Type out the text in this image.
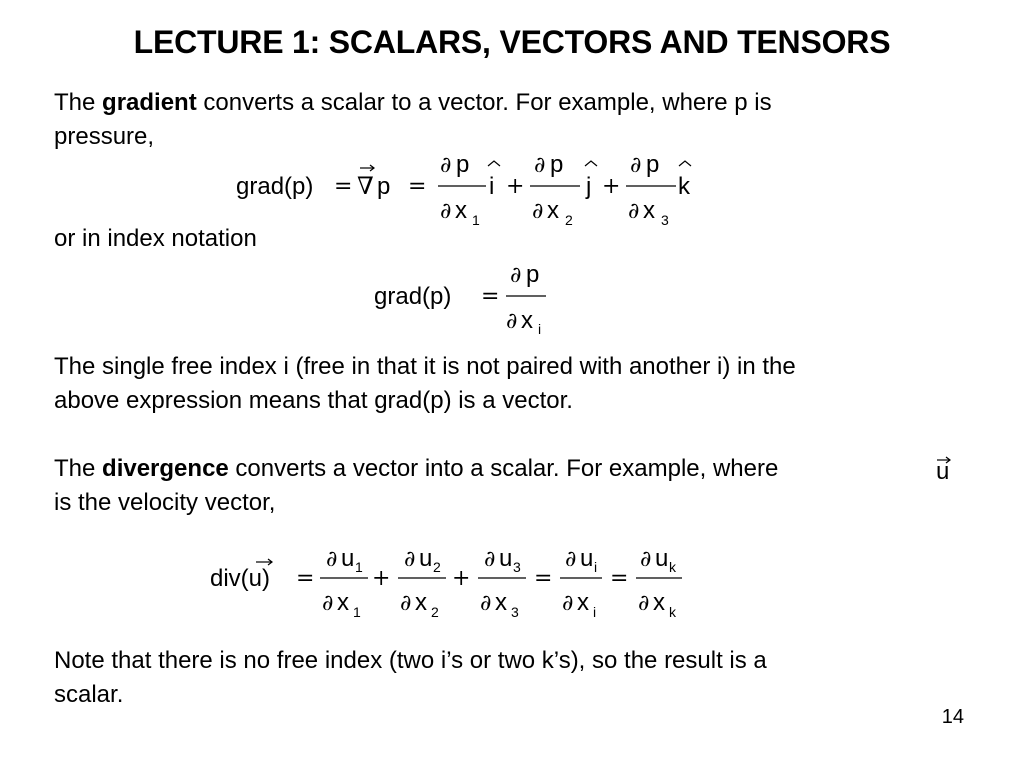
LECTURE 1: SCALARS, VECTORS AND TENSORS
The gradient converts a scalar to a vector. For example, where p is
pressure,
grad(p) = ∇ p =
∂ p
∂ x 1
i +
∂ p
∂ x 2
j +
∂ p
∂ x 3
k
or in index notation
grad(p) =
∂ p
∂ x i
The single free index i (free in that it is not paired with another i) in the
above expression means that grad(p) is a vector.
The divergence converts a vector into a scalar. For example, where
is the velocity vector,
u
div(u) =
∂ u 1
∂ x 1
+
∂ u 2
∂ x 2
+
∂ u 3
∂ x 3
=
∂ u i
∂ x i
=
∂ u k
∂ x k
Note that there is no free index (two i’s or two k’s), so the result is a
scalar.
14
